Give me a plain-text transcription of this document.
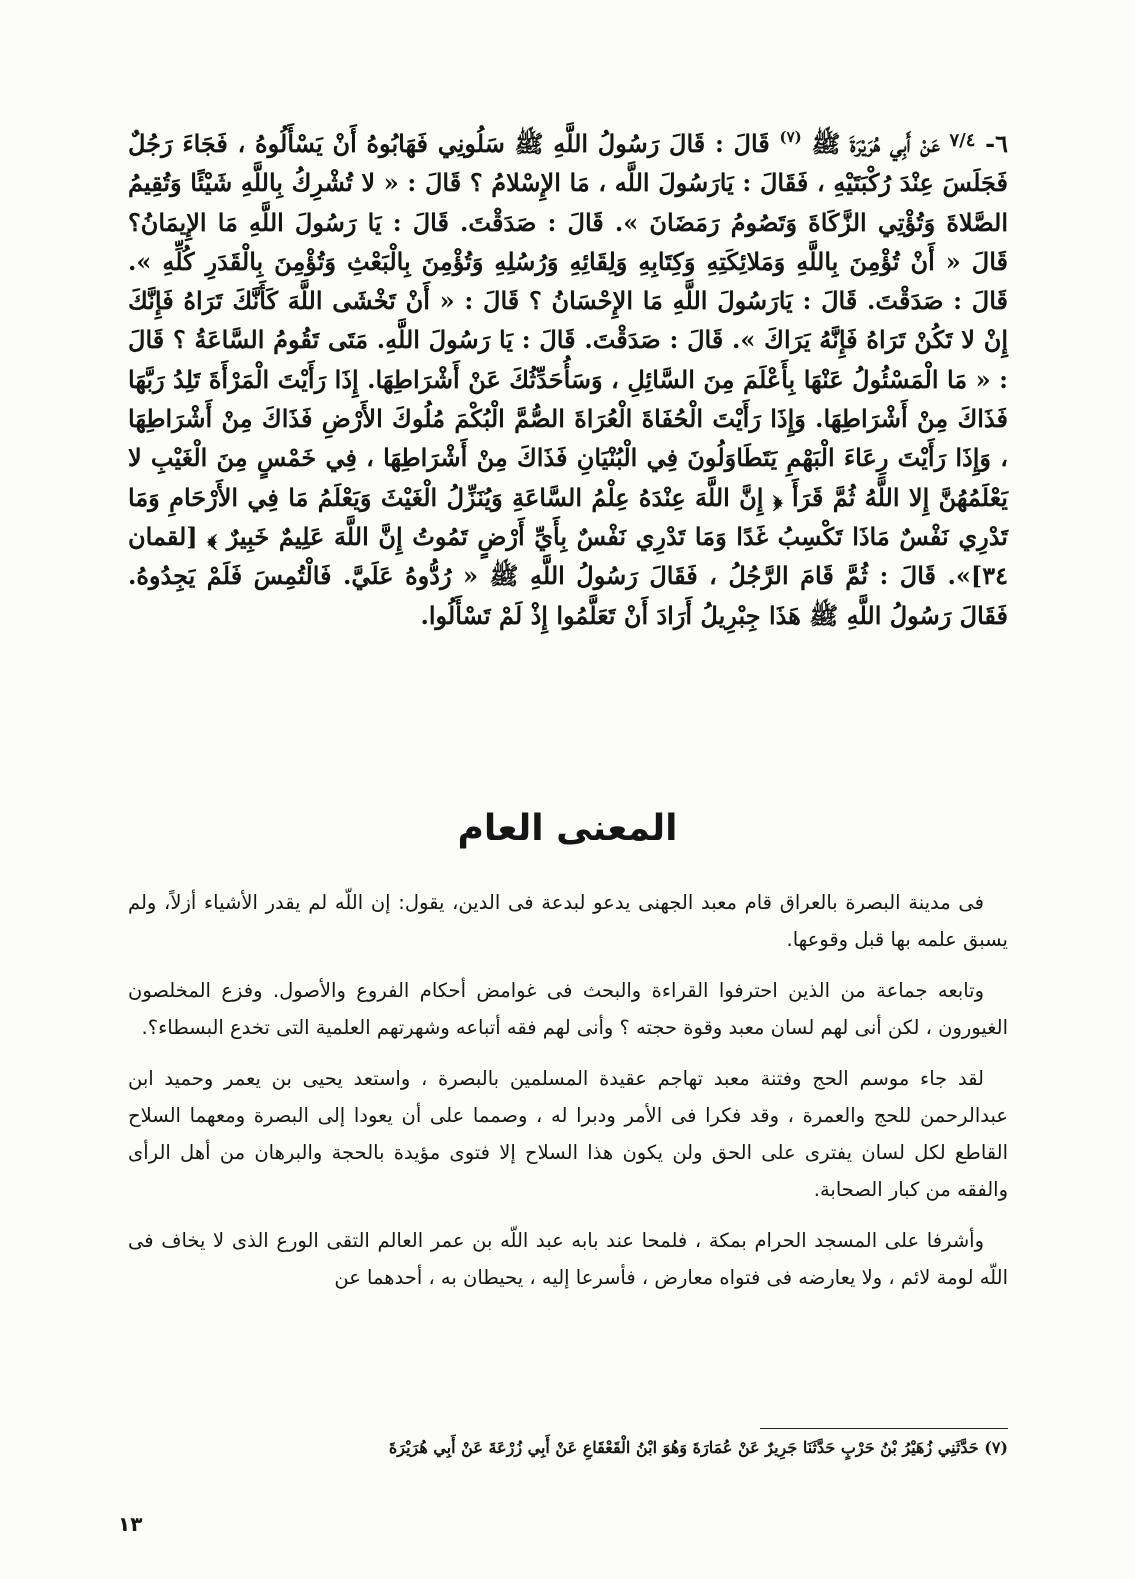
٦- $^{٧/٤}$ عَنْ أَبِي هُرَيْرَةَ ﷺ $^{(٧)}$ قَالَ : قَالَ رَسُولُ اللَّهِ ﷺ سَلُونِي فَهَابُوهُ أَنْ يَسْأَلُوهُ ، فَجَاءَ رَجُلٌ فَجَلَسَ عِنْدَ رُكْبَتَيْهِ ، فَقَالَ : يَارَسُولَ اللَّه ، مَا الإِسْلامُ ؟ قَالَ : « لا تُشْرِكُ بِاللَّهِ شَيْئًا وَتُقِيمُ الصَّلاةَ وَتُؤْتِي الزَّكَاةَ وَتَصُومُ رَمَضَانَ ». قَالَ : صَدَقْتَ. قَالَ : يَا رَسُولَ اللَّهِ مَا الإِيمَانُ؟ قَالَ « أَنْ تُؤْمِنَ بِاللَّهِ وَمَلائِكَتِهِ وَكِتَابِهِ وَلِقَائِهِ وَرُسُلِهِ وَتُؤْمِنَ بِالْبَعْثِ وَتُؤْمِنَ بِالْقَدَرِ كُلِّهِ ». قَالَ : صَدَقْتَ. قَالَ : يَارَسُولَ اللَّهِ مَا الإِحْسَانُ ؟ قَالَ : « أَنْ تَخْشَى اللَّهَ كَأَنَّكَ تَرَاهُ فَإِنَّكَ إِنْ لا تَكُنْ تَرَاهُ فَإِنَّهُ يَرَاكَ ». قَالَ : صَدَقْتَ. قَالَ : يَا رَسُولَ اللَّهِ. مَتَى تَقُومُ السَّاعَةُ ؟ قَالَ : « مَا الْمَسْئُولُ عَنْهَا بِأَعْلَمَ مِنَ السَّائِلِ ، وَسَأُحَدِّثُكَ عَنْ أَشْرَاطِهَا. إِذَا رَأَيْتَ الْمَرْأَةَ تَلِدُ رَبَّهَا فَذَاكَ مِنْ أَشْرَاطِهَا. وَإِذَا رَأَيْتَ الْحُفَاةَ الْعُرَاةَ الصُّمَّ الْبُكْمَ مُلُوكَ الأَرْضِ فَذَاكَ مِنْ أَشْرَاطِهَا ، وَإِذَا رَأَيْتَ رِعَاءَ الْبَهْمِ يَتَطَاوَلُونَ فِي الْبُنْيَانِ فَذَاكَ مِنْ أَشْرَاطِهَا ، فِي خَمْسٍ مِنَ الْغَيْبِ لا يَعْلَمُهُنَّ إِلا اللَّهُ ثُمَّ قَرَأَ ﴿ إِنَّ اللَّهَ عِنْدَهُ عِلْمُ السَّاعَةِ وَيُنَزِّلُ الْغَيْثَ وَيَعْلَمُ مَا فِي الأَرْحَامِ وَمَا تَدْرِي نَفْسٌ مَاذَا تَكْسِبُ غَدًا وَمَا تَدْرِي نَفْسٌ بِأَيِّ أَرْضٍ تَمُوتُ إِنَّ اللَّهَ عَلِيمٌ خَبِيرٌ ﴾ [لقمان ٣٤]». قَالَ : ثُمَّ قَامَ الرَّجُلُ ، فَقَالَ رَسُولُ اللَّهِ ﷺ « رُدُّوهُ عَلَيَّ. فَالْتُمِسَ فَلَمْ يَجِدُوهُ. فَقَالَ رَسُولُ اللَّهِ ﷺ هَذَا جِبْرِيلُ أَرَادَ أَنْ تَعَلَّمُوا إِذْ لَمْ تَسْأَلُوا.

المعنى العام

فى مدينة البصرة بالعراق قام معبد الجهنى يدعو لبدعة فى الدين، يقول: إن اللّه لم يقدر الأشياء أزلاً، ولم يسبق علمه بها قبل وقوعها.

وتابعه جماعة من الذين احترفوا القراءة والبحث فى غوامض أحكام الفروع والأصول. وفزع المخلصون الغيورون ، لكن أنى لهم لسان معبد وقوة حجته ؟ وأنى لهم فقه أتباعه وشهرتهم العلمية التى تخدع البسطاء؟.

لقد جاء موسم الحج وفتنة معبد تهاجم عقيدة المسلمين بالبصرة ، واستعد يحيى بن يعمر وحميد ابن عبدالرحمن للحج والعمرة ، وقد فكرا فى الأمر ودبرا له ، وصمما على أن يعودا إلى البصرة ومعهما السلاح القاطع لكل لسان يفترى على الحق ولن يكون هذا السلاح إلا فتوى مؤيدة بالحجة والبرهان من أهل الرأى والفقه من كبار الصحابة.

وأشرفا على المسجد الحرام بمكة ، فلمحا عند بابه عبد اللّه بن عمر العالم التقى الورع الذى لا يخاف فى اللّه لومة لائم ، ولا يعارضه فى فتواه معارض ، فأسرعا إليه ، يحيطان به ، أحدهما عن

(٧) حَدَّثَنِي زُهَيْرُ بْنُ حَرْبٍ حَدَّثَنَا جَرِيرٌ عَنْ عُمَارَةَ وَهُوَ ابْنُ الْقَعْقَاعِ عَنْ أَبِي زُرْعَةَ عَنْ أَبِي هُرَيْرَةَ

١٣
